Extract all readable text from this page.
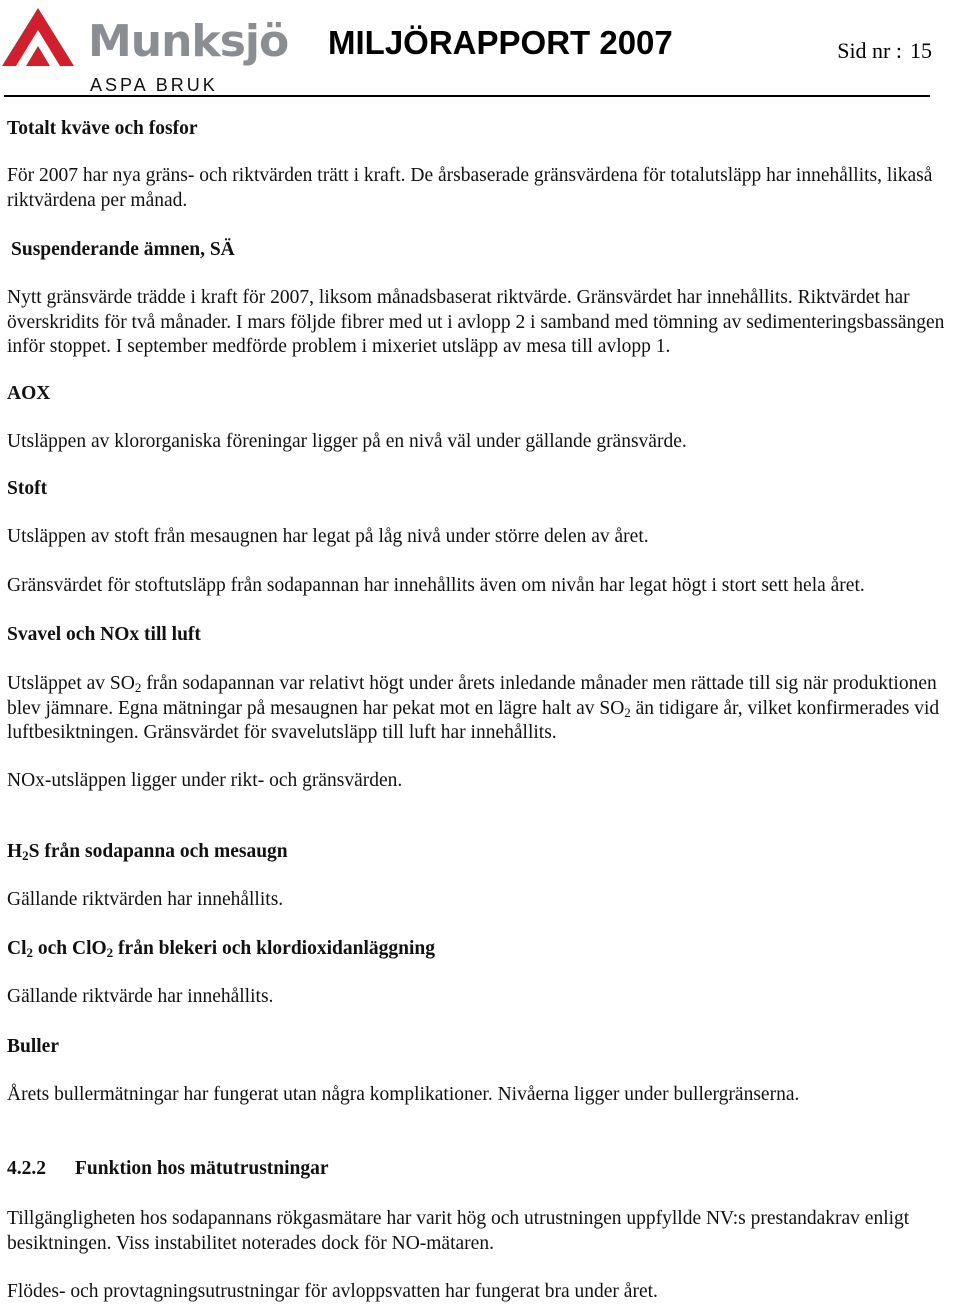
Munksjö
ASPA BRUK
MILJÖRAPPORT 2007	Sid nr : 15

Totalt kväve och fosfor

För 2007 har nya gräns- och riktvärden trätt i kraft. De årsbaserade gränsvärdena för totalutsläpp har innehållits, likaså riktvärdena per månad.

Suspenderande ämnen, SÄ

Nytt gränsvärde trädde i kraft för 2007, liksom månadsbaserat riktvärde. Gränsvärdet har innehållits. Riktvärdet har överskridits för två månader. I mars följde fibrer med ut i avlopp 2 i samband med tömning av sedimenteringsbassängen inför stoppet. I september medförde problem i mixeriet utsläpp av mesa till avlopp 1.

AOX

Utsläppen av klororganiska föreningar ligger på en nivå väl under gällande gränsvärde.

Stoft

Utsläppen av stoft från mesaugnen har legat på låg nivå under större delen av året.

Gränsvärdet för stoftutsläpp från sodapannan har innehållits även om nivån har legat högt i stort sett hela året.

Svavel och NOx till luft

Utsläppet av $SO_2$ från sodapannan var relativt högt under årets inledande månader men rättade till sig när produktionen blev jämnare. Egna mätningar på mesaugnen har pekat mot en lägre halt av $SO_2$ än tidigare år, vilket konfirmerades vid luftbesiktningen. Gränsvärdet för svavelutsläpp till luft har innehållits.

NOx-utsläppen ligger under rikt- och gränsvärden.

$H_2S$ från sodapanna och mesaugn

Gällande riktvärden har innehållits.

$Cl_2$ och ClO$_2$ från blekeri och klordioxidanläggning

Gällande riktvärde har innehållits.

Buller

Årets bullermätningar har fungerat utan några komplikationer. Nivåerna ligger under bullergränserna.

4.2.2 Funktion hos mätutrustningar

Tillgängligheten hos sodapannans rökgasmätare har varit hög och utrustningen uppfyllde NV:s prestandakrav enligt besiktningen. Viss instabilitet noterades dock för NO-mätaren.

Flödes- och provtagningsutrustningar för avloppsvatten har fungerat bra under året.
